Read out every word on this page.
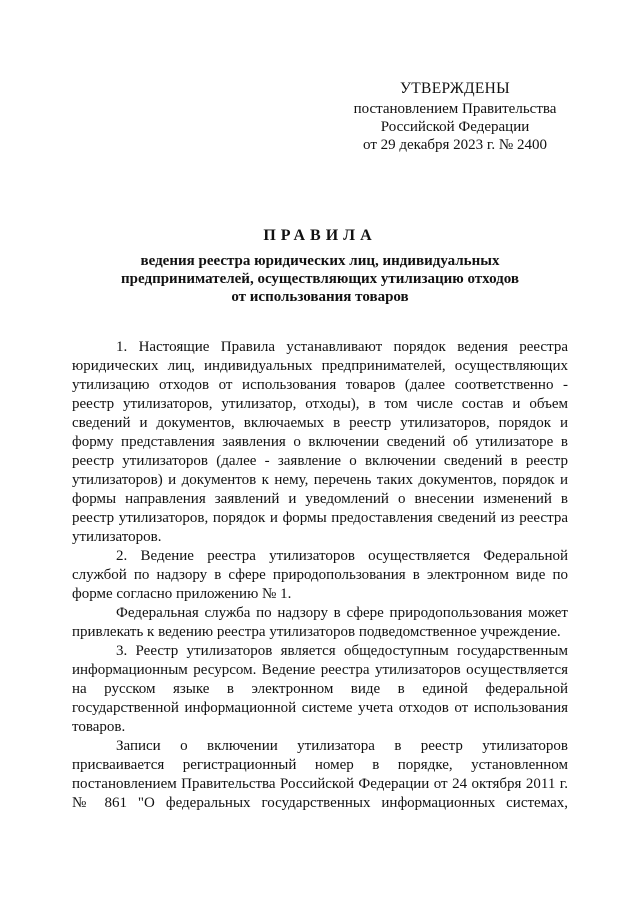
УТВЕРЖДЕНЫ
постановлением Правительства
Российской Федерации
от 29 декабря 2023 г. № 2400
ПРАВИЛА
ведения реестра юридических лиц, индивидуальных
предпринимателей, осуществляющих утилизацию отходов
от использования товаров

1. Настоящие Правила устанавливают порядок ведения реестра юридических лиц, индивидуальных предпринимателей, осуществляющих утилизацию отходов от использования товаров (далее соответственно - реестр утилизаторов, утилизатор, отходы), в том числе состав и объем сведений и документов, включаемых в реестр утилизаторов, порядок и форму представления заявления о включении сведений об утилизаторе в реестр утилизаторов (далее - заявление о включении сведений в реестр утилизаторов) и документов к нему, перечень таких документов, порядок и формы направления заявлений и уведомлений о внесении изменений в реестр утилизаторов, порядок и формы предоставления сведений из реестра утилизаторов.

2. Ведение реестра утилизаторов осуществляется Федеральной службой по надзору в сфере природопользования в электронном виде по форме согласно приложению № 1.

Федеральная служба по надзору в сфере природопользования может привлекать к ведению реестра утилизаторов подведомственное учреждение.

3. Реестр утилизаторов является общедоступным государственным информационным ресурсом. Ведение реестра утилизаторов осуществляется на русском языке в электронном виде в единой федеральной государственной информационной системе учета отходов от использования товаров.

Записи о включении утилизатора в реестр утилизаторов присваивается регистрационный номер в порядке, установленном постановлением Правительства Российской Федерации от 24 октября 2011 г. № 861 "О федеральных государственных информационных системах,
